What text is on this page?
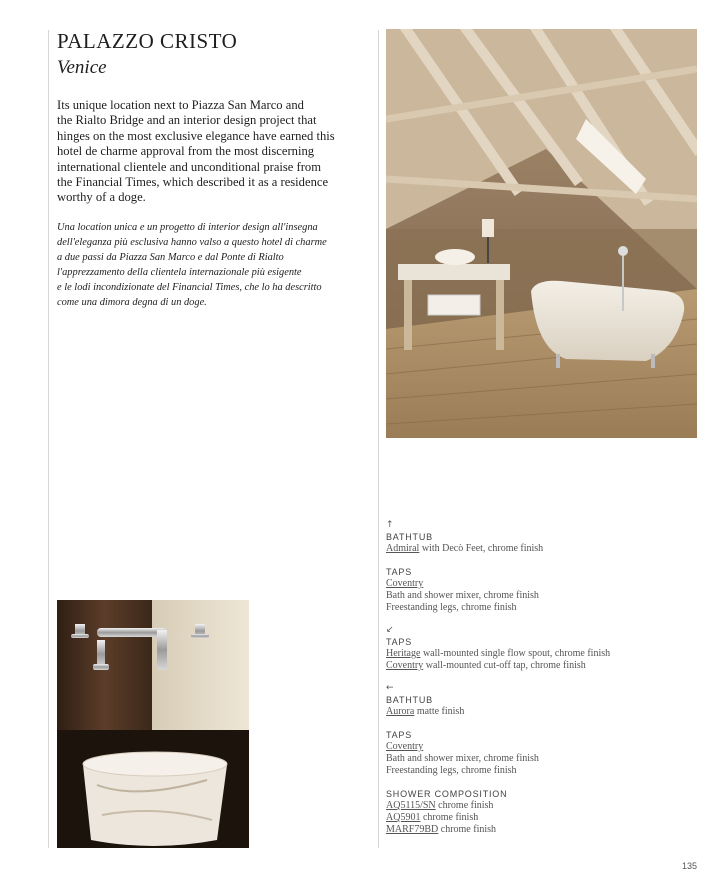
PALAZZO CRISTO
Venice

Its unique location next to Piazza San Marco and
the Rialto Bridge and an interior design project that
hinges on the most exclusive elegance have earned this
hotel de charme approval from the most discerning
international clientele and unconditional praise from
the Financial Times, which described it as a residence
worthy of a doge.

Una location unica e un progetto di interior design all'insegna
dell'eleganza più esclusiva hanno valso a questo hotel di charme
a due passi da Piazza San Marco e dal Ponte di Rialto
l'apprezzamento della clientela internazionale più esigente
e le lodi incondizionate del Financial Times, che lo ha descritto
come una dimora degna di un doge.

↑
BATHTUB
Admiral with Decò Feet, chrome finish
TAPS
Coventry
Bath and shower mixer, chrome finish
Freestanding legs, chrome finish
↙
TAPS
Heritage wall-mounted single flow spout, chrome finish
Coventry wall-mounted cut-off tap, chrome finish
←
BATHTUB
Aurora matte finish
TAPS
Coventry
Bath and shower mixer, chrome finish
Freestanding legs, chrome finish
SHOWER COMPOSITION
AQ5115/SN chrome finish
AQ5901 chrome finish
MARF79BD chrome finish
135
